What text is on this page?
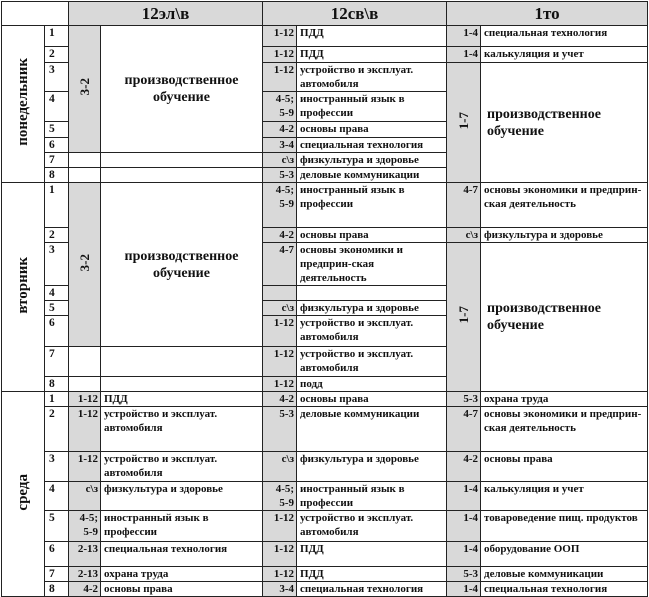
		12эл\в		12св\в		1то	
понедельник	1	3-2	производственное обучение	1-12	ПДД	1-4	специальная технология
	2			1-12	ПДД	1-4	калькуляция и учет
	3			1-12	устройство и эксплуат. автомобиля	1-7	производственное обучение
	4			4-5; 5-9	иностранный язык в профессии		
	5			4-2	основы права		
	6			3-4	специальная технология		
	7			с\з	физкультура и здоровье		
	8			5-3	деловые коммуникации		
вторник	1	3-2	производственное обучение	4-5; 5-9	иностранный язык в профессии	4-7	основы экономики и предприн-ская деятельность
	2			4-2	основы права	с\з	физкультура и здоровье
	3			4-7	основы экономики и предприн-ская деятельность	1-7	производственное обучение
	4						
	5			с\з	физкультура и здоровье		
	6			1-12	устройство и эксплуат. автомобиля		
	7			1-12	устройство и эксплуат. автомобиля		
	8			1-12	подд		
среда	1	1-12	ПДД	4-2	основы права	5-3	охрана труда
	2	1-12	устройство и эксплуат. автомобиля	5-3	деловые коммуникации	4-7	основы экономики и предприн-ская деятельность
	3	1-12	устройство и эксплуат. автомобиля	с\з	физкультура и здоровье	4-2	основы права
	4	с\з	физкультура и здоровье	4-5; 5-9	иностранный язык в профессии	1-4	калькуляция и учет
	5	4-5; 5-9	иностранный язык в профессии	1-12	устройство и эксплуат. автомобиля	1-4	товароведение пищ. продуктов
	6	2-13	специальная технология	1-12	ПДД	1-4	оборудование ООП
	7	2-13	охрана труда	1-12	ПДД	5-3	деловые коммуникации
	8	4-2	основы права	3-4	специальная технология	1-4	специальная технология
